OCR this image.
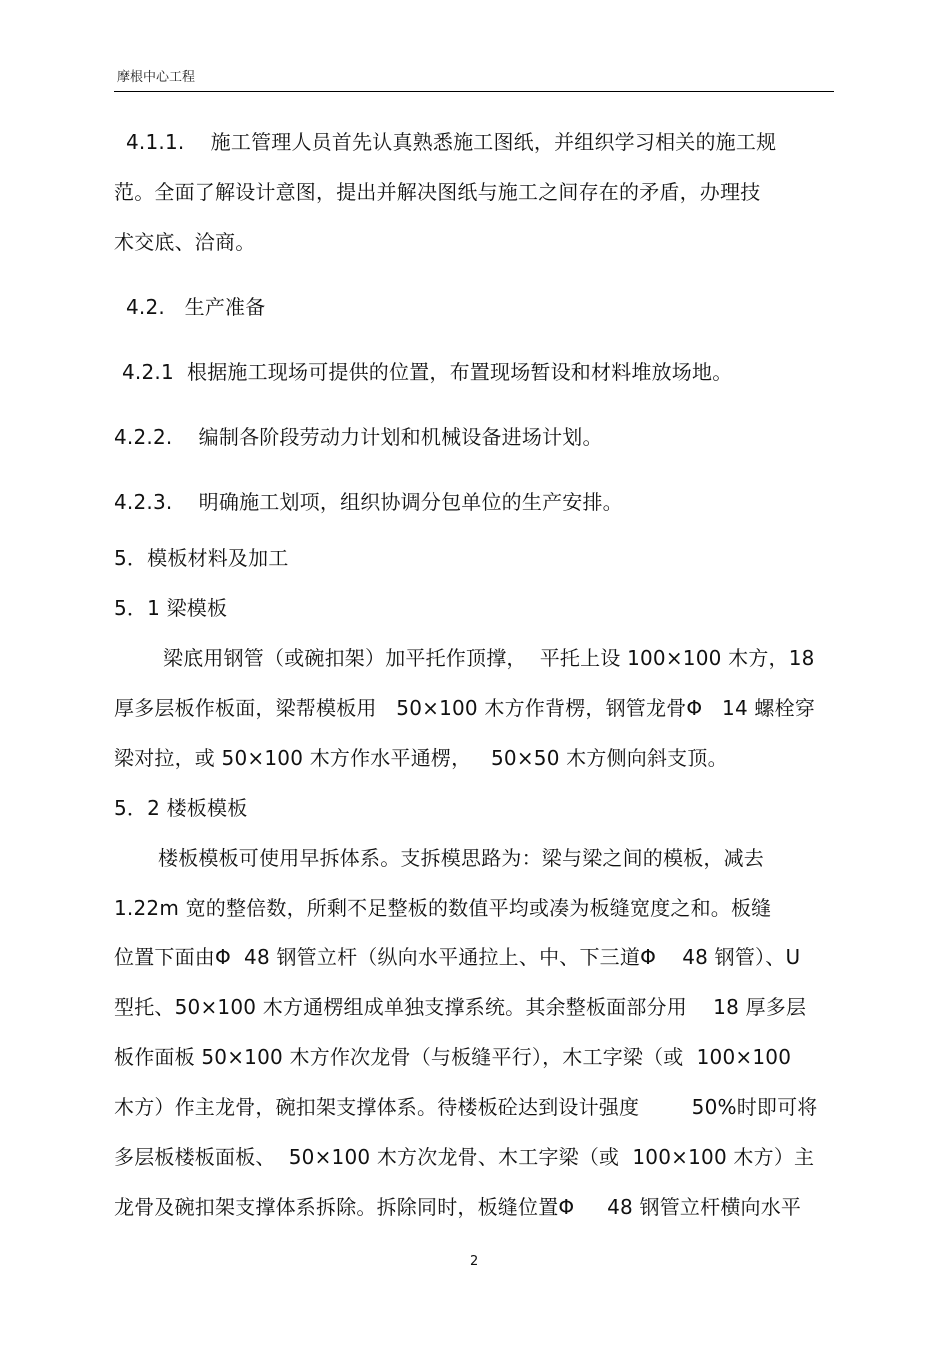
摩根中心工程
4.1.1.    施工管理人员首先认真熟悉施工图纸，并组织学习相关的施工规
范。全面了解设计意图，提出并解决图纸与施工之间存在的矛盾，办理技
术交底、洽商。
4.2.   生产准备
4.2.1  根据施工现场可提供的位置，布置现场暂设和材料堆放场地。
4.2.2.    编制各阶段劳动力计划和机械设备进场计划。
4.2.3.    明确施工划项，组织协调分包单位的生产安排。
5．模板材料及加工
5．1 梁模板
梁底用钢管（或碗扣架）加平托作顶撑，  平托上设 100×100 木方，18
厚多层板作板面，梁帮模板用   50×100 木方作背楞，钢管龙骨Φ   14 螺栓穿
梁对拉，或 50×100 木方作水平通楞，   50×50 木方侧向斜支顶。
5．2 楼板模板
楼板模板可使用早拆体系。支拆模思路为：梁与梁之间的模板，减去
1.22m 宽的整倍数，所剩不足整板的数值平均或凑为板缝宽度之和。板缝
位置下面由Φ  48 钢管立杆（纵向水平通拉上、中、下三道Φ    48 钢管）、U
型托、50×100 木方通楞组成单独支撑系统。其余整板面部分用    18 厚多层
板作面板 50×100 木方作次龙骨（与板缝平行），木工字梁（或  100×100
木方）作主龙骨，碗扣架支撑体系。待楼板砼达到设计强度        50%时即可将
多层板楼板面板、  50×100 木方次龙骨、木工字梁（或  100×100 木方）主
龙骨及碗扣架支撑体系拆除。拆除同时，板缝位置Φ     48 钢管立杆横向水平
2
